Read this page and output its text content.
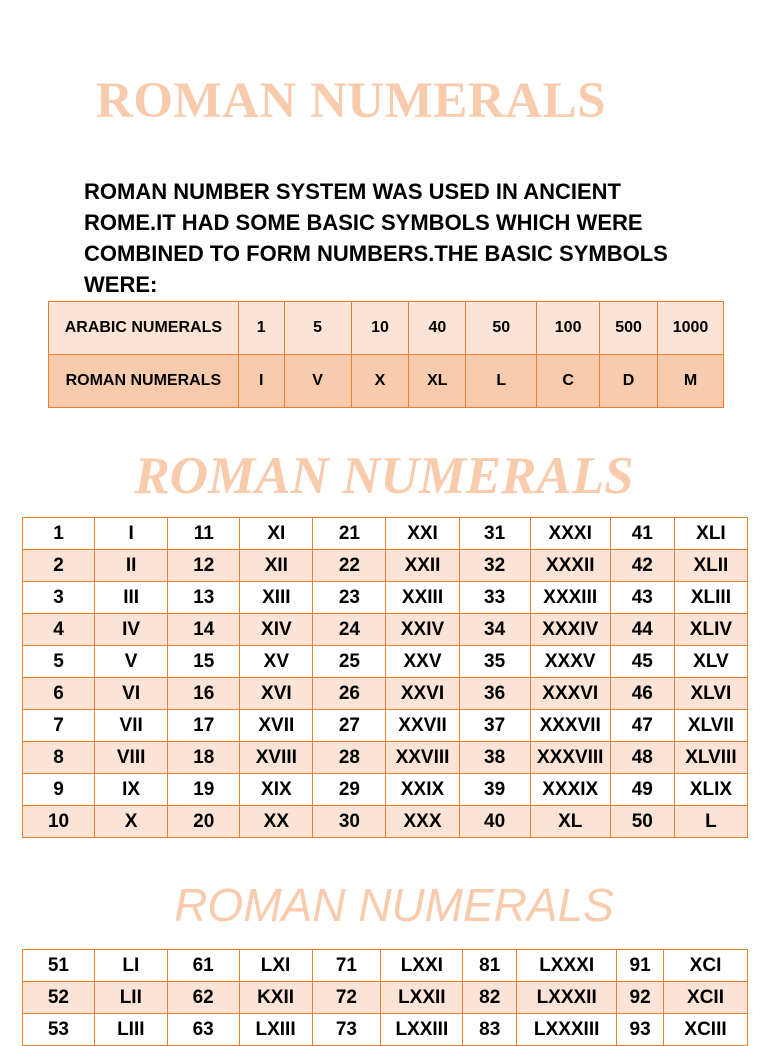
ROMAN NUMERALS
ROMAN NUMBER SYSTEM WAS USED IN ANCIENT ROME.IT HAD SOME BASIC SYMBOLS WHICH WERE COMBINED TO FORM NUMBERS.THE BASIC SYMBOLS WERE:
ARABIC NUMERALS	1	5	10	40	50	100	500	1000
ROMAN NUMERALS	I	V	X	XL	L	C	D	M
ROMAN NUMERALS
1	I	11	XI	21	XXI	31	XXXI	41	XLI
2	II	12	XII	22	XXII	32	XXXII	42	XLII
3	III	13	XIII	23	XXIII	33	XXXIII	43	XLIII
4	IV	14	XIV	24	XXIV	34	XXXIV	44	XLIV
5	V	15	XV	25	XXV	35	XXXV	45	XLV
6	VI	16	XVI	26	XXVI	36	XXXVI	46	XLVI
7	VII	17	XVII	27	XXVII	37	XXXVII	47	XLVII
8	VIII	18	XVIII	28	XXVIII	38	XXXVIII	48	XLVIII
9	IX	19	XIX	29	XXIX	39	XXXIX	49	XLIX
10	X	20	XX	30	XXX	40	XL	50	L
ROMAN NUMERALS
51	LI	61	LXI	71	LXXI	81	LXXXI	91	XCI
52	LII	62	KXII	72	LXXII	82	LXXXII	92	XCII
53	LIII	63	LXIII	73	LXXIII	83	LXXXIII	93	XCIII
